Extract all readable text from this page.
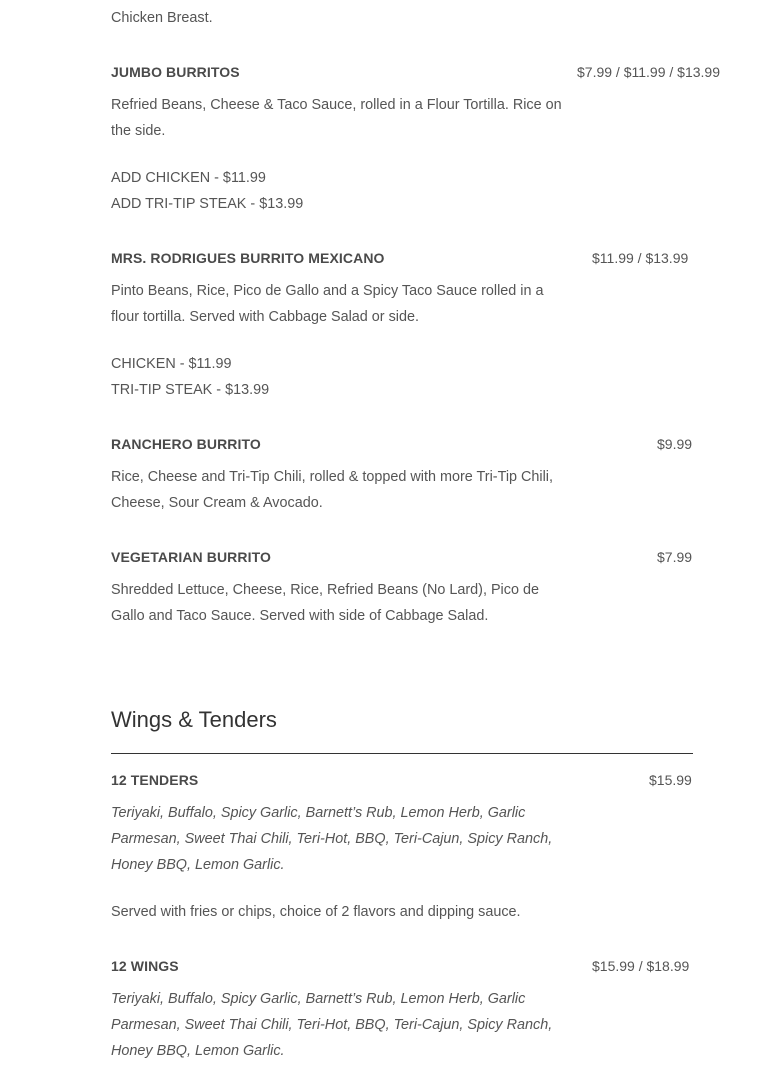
Chicken Breast.
JUMBO BURRITOS	$7.99 / $11.99 / $13.99
Refried Beans, Cheese & Taco Sauce, rolled in a Flour Tortilla. Rice on the side.
ADD CHICKEN - $11.99
ADD TRI-TIP STEAK - $13.99
MRS. RODRIGUES BURRITO MEXICANO	$11.99 / $13.99
Pinto Beans, Rice, Pico de Gallo and a Spicy Taco Sauce rolled in a flour tortilla. Served with Cabbage Salad or side.
CHICKEN - $11.99
TRI-TIP STEAK - $13.99
RANCHERO BURRITO	$9.99
Rice, Cheese and Tri-Tip Chili, rolled & topped with more Tri-Tip Chili, Cheese, Sour Cream & Avocado.
VEGETARIAN BURRITO	$7.99
Shredded Lettuce, Cheese, Rice, Refried Beans (No Lard), Pico de Gallo and Taco Sauce. Served with side of Cabbage Salad.
Wings & Tenders
12 TENDERS	$15.99
Teriyaki, Buffalo, Spicy Garlic, Barnett’s Rub, Lemon Herb, Garlic Parmesan, Sweet Thai Chili, Teri-Hot, BBQ, Teri-Cajun, Spicy Ranch, Honey BBQ, Lemon Garlic.
Served with fries or chips, choice of 2 flavors and dipping sauce.
12 WINGS	$15.99 / $18.99
Teriyaki, Buffalo, Spicy Garlic, Barnett’s Rub, Lemon Herb, Garlic Parmesan, Sweet Thai Chili, Teri-Hot, BBQ, Teri-Cajun, Spicy Ranch, Honey BBQ, Lemon Garlic.
